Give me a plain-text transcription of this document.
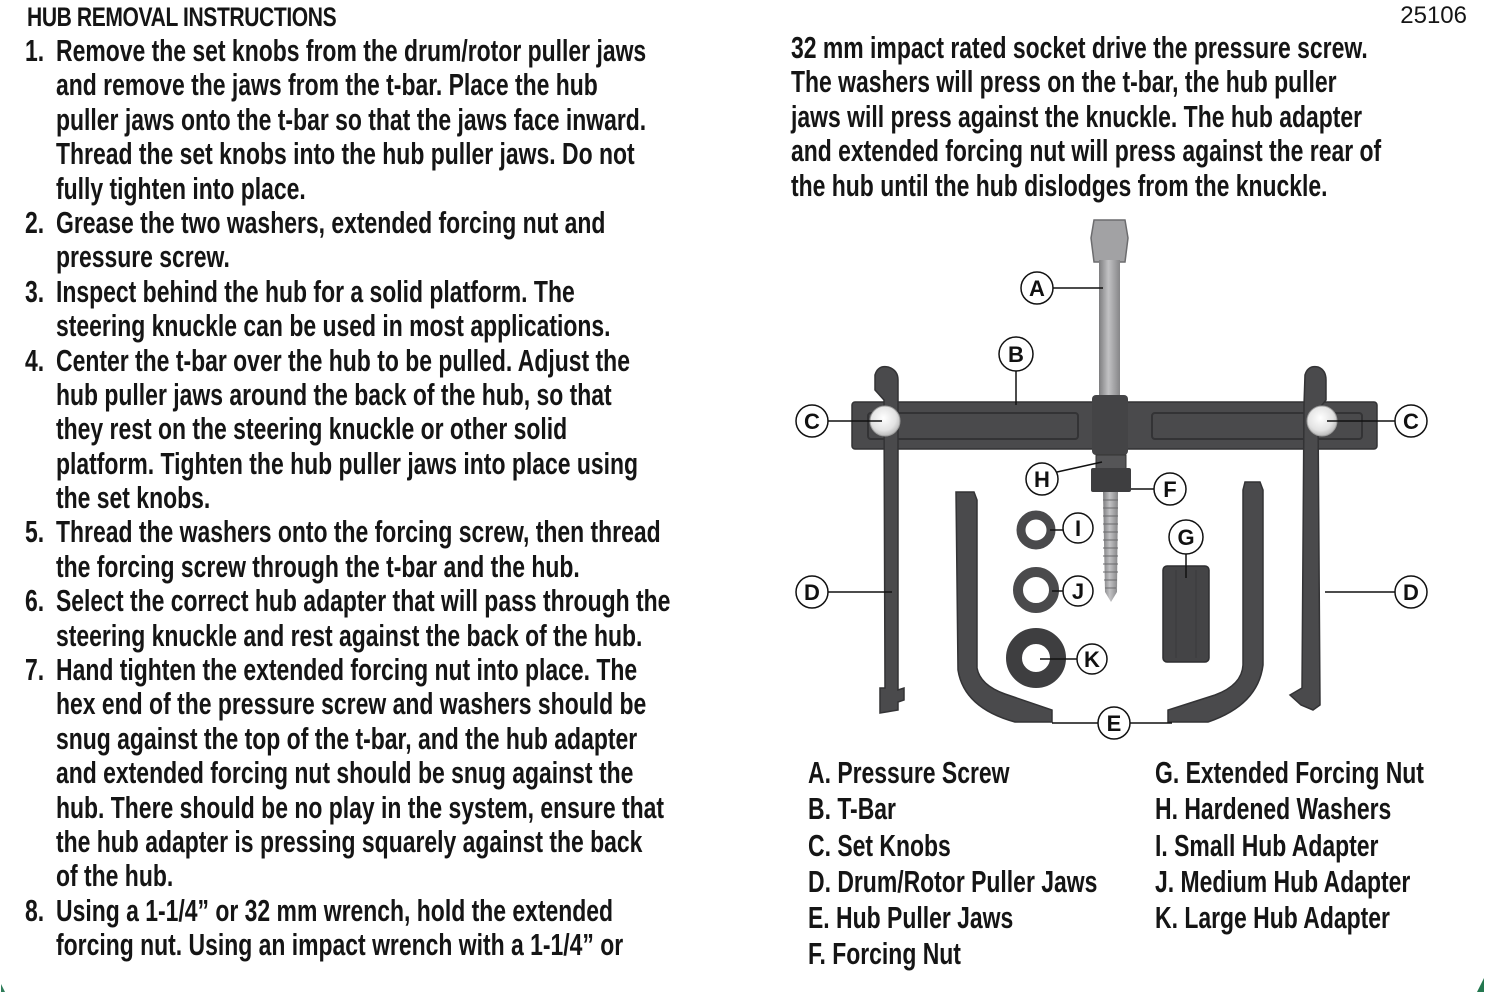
HUB REMOVAL INSTRUCTIONS	25106
1. Remove the set knobs from the drum/rotor puller jaws
and remove the jaws from the t-bar. Place the hub
puller jaws onto the t-bar so that the jaws face inward.
Thread the set knobs into the hub puller jaws. Do not
fully tighten into place.
2. Grease the two washers, extended forcing nut and
pressure screw.
3. Inspect behind the hub for a solid platform. The
steering knuckle can be used in most applications.
4. Center the t-bar over the hub to be pulled. Adjust the
hub puller jaws around the back of the hub, so that
they rest on the steering knuckle or other solid
platform. Tighten the hub puller jaws into place using
the set knobs.
5. Thread the washers onto the forcing screw, then thread
the forcing screw through the t-bar and the hub.
6. Select the correct hub adapter that will pass through the
steering knuckle and rest against the back of the hub.
7. Hand tighten the extended forcing nut into place. The
hex end of the pressure screw and washers should be
snug against the top of the t-bar, and the hub adapter
and extended forcing nut should be snug against the
hub. There should be no play in the system, ensure that
the hub adapter is pressing squarely against the back
of the hub.
8. Using a 1-1/4” or 32 mm wrench, hold the extended
forcing nut. Using an impact wrench with a 1-1/4” or
32 mm impact rated socket drive the pressure screw.
The washers will press on the t-bar, the hub puller
jaws will press against the knuckle. The hub adapter
and extended forcing nut will press against the rear of
the hub until the hub dislodges from the knuckle.
A
B
C	C
D	D
E
F
G
H
I
J
K
A. Pressure Screw
B. T-Bar
C. Set Knobs
D. Drum/Rotor Puller Jaws
E. Hub Puller Jaws
F. Forcing Nut
G. Extended Forcing Nut
H. Hardened Washers
I. Small Hub Adapter
J. Medium Hub Adapter
K. Large Hub Adapter
